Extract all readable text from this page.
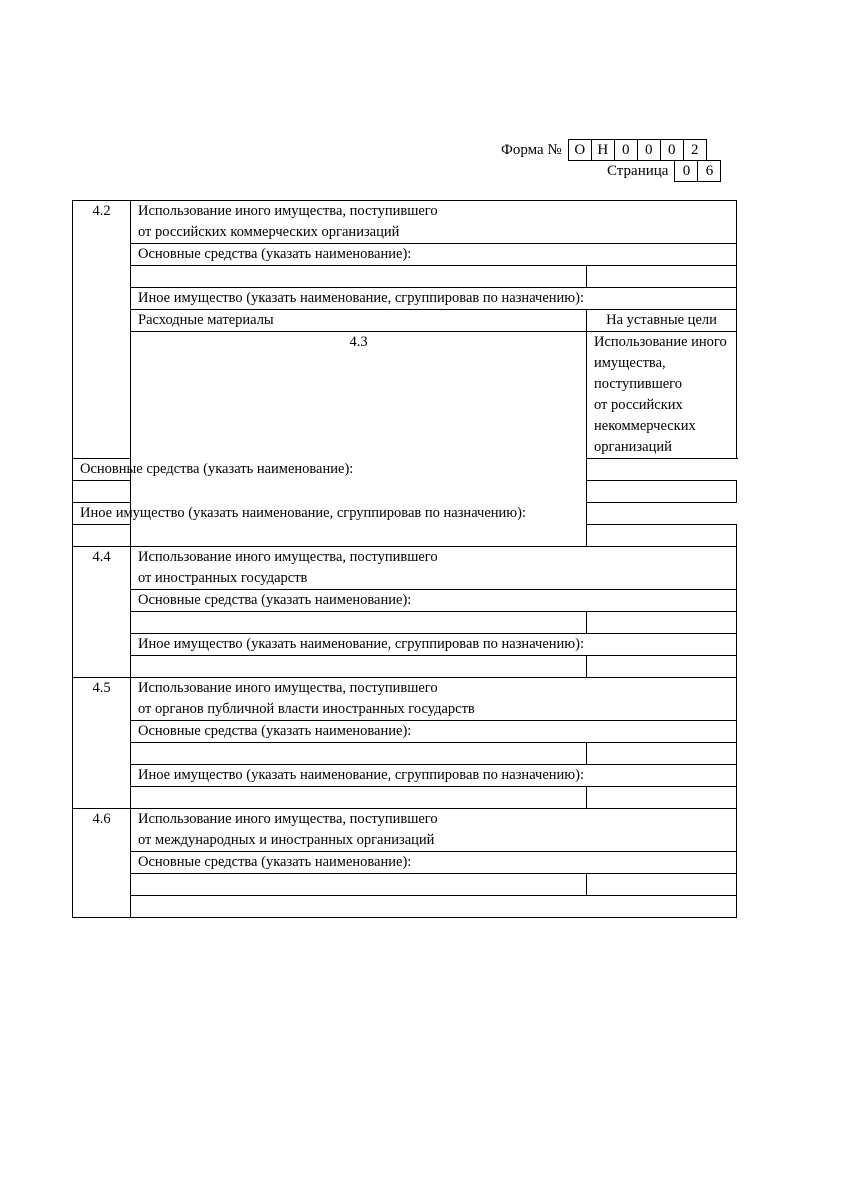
Форма № О Н 0	0	0	2
Страница 0	6
4.2	Использование иного имущества, поступившего
от российских коммерческих организаций	

	Основные средства (указать наименование):	

	Иное имущество (указать наименование, сгруппировав по назначению):	
	Расходные материалы	На уставные цели
	4.3	Использование иного имущества, поступившего
от российских некоммерческих организаций

Основные средства (указать наименование):		

Иное имущество (указать наименование, сгруппировав по назначению):		

4.4	Использование иного имущества, поступившего
от иностранных государств	

	Основные средства (указать наименование):	

	Иное имущество (указать наименование, сгруппировав по назначению):	

4.5	Использование иного имущества, поступившего
от органов публичной власти иностранных государств	

	Основные средства (указать наименование):	

	Иное имущество (указать наименование, сгруппировав по назначению):	

4.6	Использование иного имущества, поступившего
от международных и иностранных организаций	

	Основные средства (указать наименование):	
